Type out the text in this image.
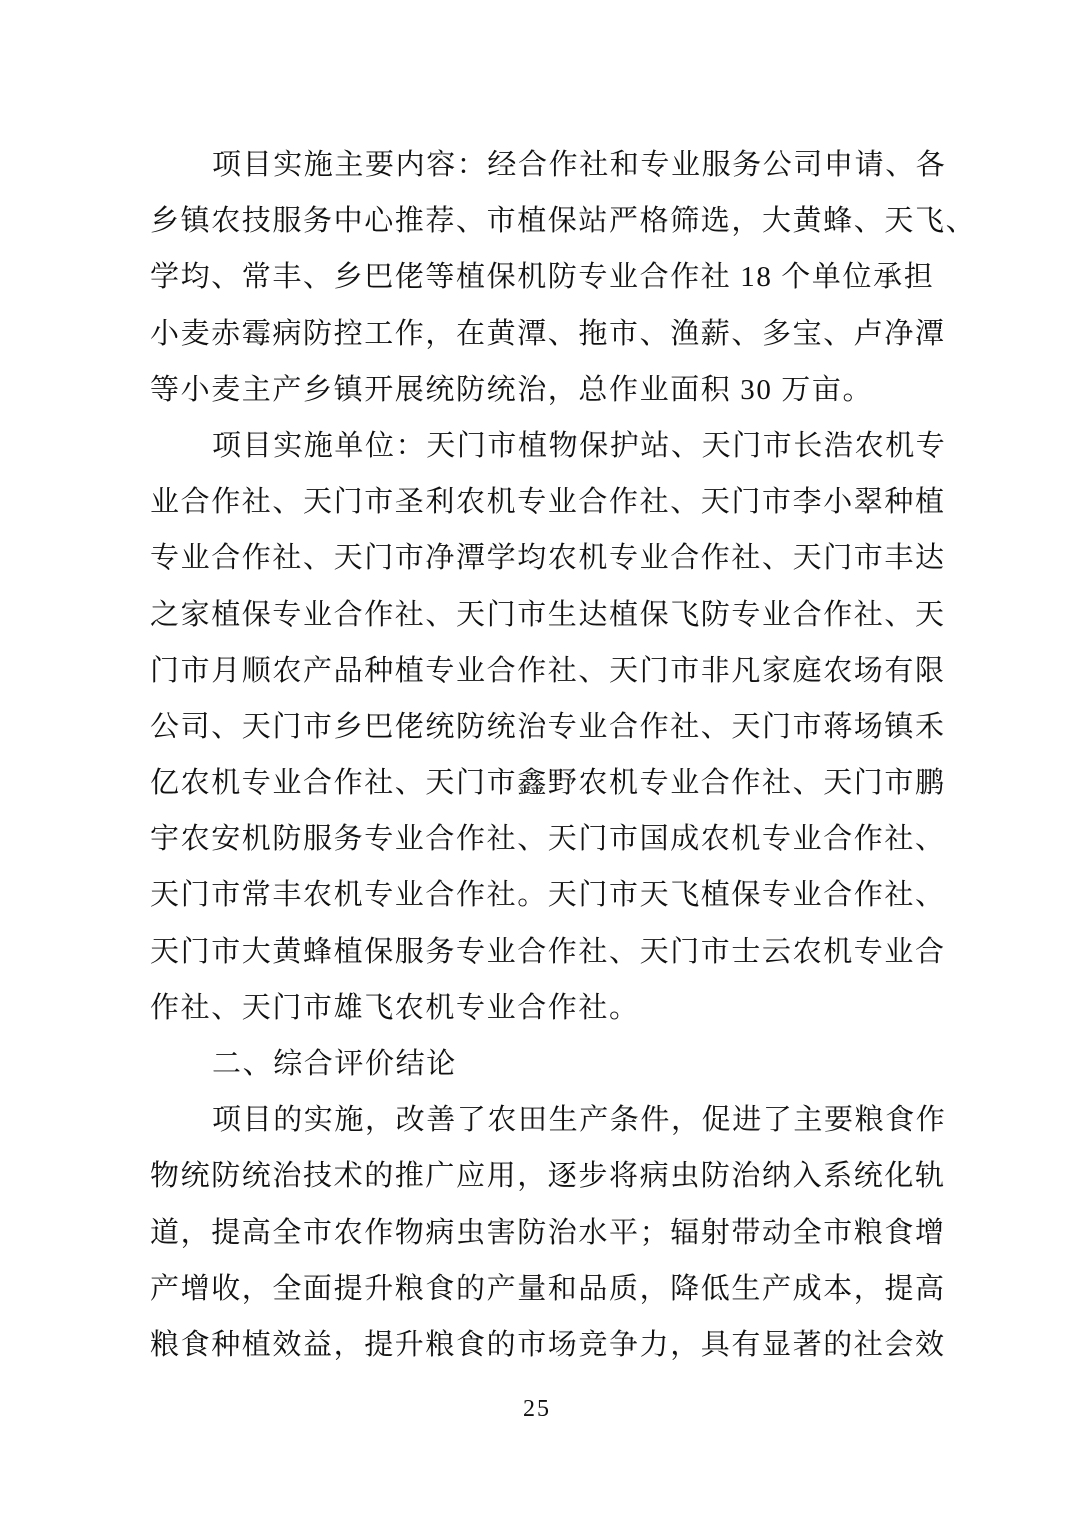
项目实施主要内容：经合作社和专业服务公司申请、各
乡镇农技服务中心推荐、市植保站严格筛选，大黄蜂、天飞、
学均、常丰、乡巴佬等植保机防专业合作社 18 个单位承担
小麦赤霉病防控工作，在黄潭、拖市、渔薪、多宝、卢净潭
等小麦主产乡镇开展统防统治，总作业面积 30 万亩。
项目实施单位：天门市植物保护站、天门市长浩农机专
业合作社、天门市圣利农机专业合作社、天门市李小翠种植
专业合作社、天门市净潭学均农机专业合作社、天门市丰达
之家植保专业合作社、天门市生达植保飞防专业合作社、天
门市月顺农产品种植专业合作社、天门市非凡家庭农场有限
公司、天门市乡巴佬统防统治专业合作社、天门市蒋场镇禾
亿农机专业合作社、天门市鑫野农机专业合作社、天门市鹏
宇农安机防服务专业合作社、天门市国成农机专业合作社、
天门市常丰农机专业合作社。天门市天飞植保专业合作社、
天门市大黄蜂植保服务专业合作社、天门市士云农机专业合
作社、天门市雄飞农机专业合作社。
二、综合评价结论
项目的实施，改善了农田生产条件，促进了主要粮食作
物统防统治技术的推广应用，逐步将病虫防治纳入系统化轨
道，提高全市农作物病虫害防治水平；辐射带动全市粮食增
产增收，全面提升粮食的产量和品质，降低生产成本，提高
粮食种植效益，提升粮食的市场竞争力，具有显著的社会效
25
